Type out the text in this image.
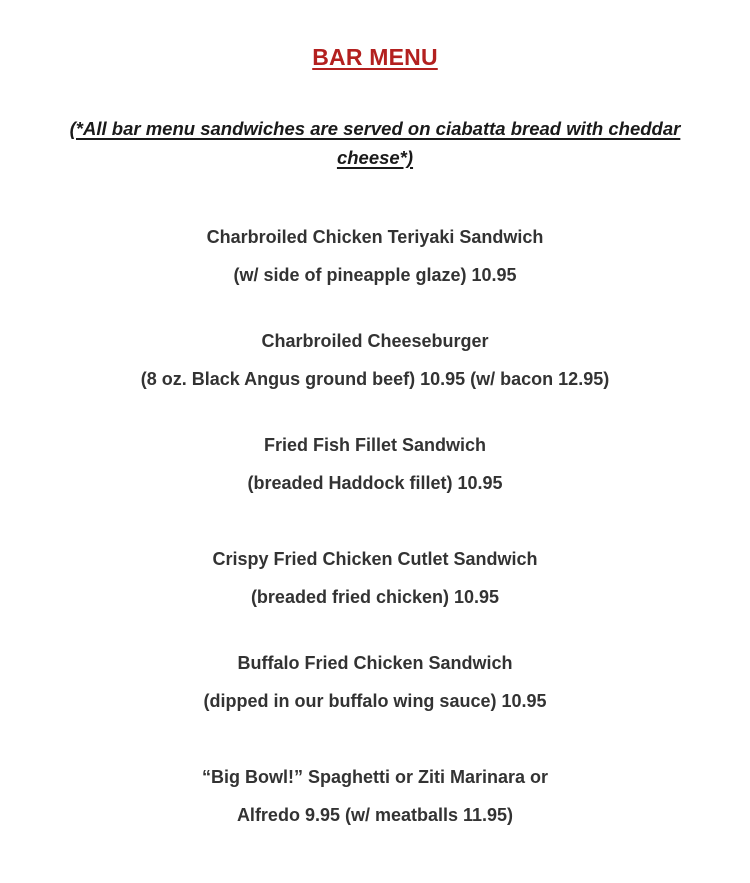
BAR MENU
(*All bar menu sandwiches are served on ciabatta bread with cheddar cheese*)
Charbroiled Chicken Teriyaki Sandwich
(w/ side of pineapple glaze) 10.95
Charbroiled Cheeseburger
(8 oz. Black Angus ground beef) 10.95 (w/ bacon 12.95)
Fried Fish Fillet Sandwich
(breaded Haddock fillet) 10.95
Crispy Fried Chicken Cutlet Sandwich
(breaded fried chicken) 10.95
Buffalo Fried Chicken Sandwich
(dipped in our buffalo wing sauce) 10.95
“Big Bowl!” Spaghetti or Ziti Marinara or
Alfredo 9.95 (w/ meatballs 11.95)
